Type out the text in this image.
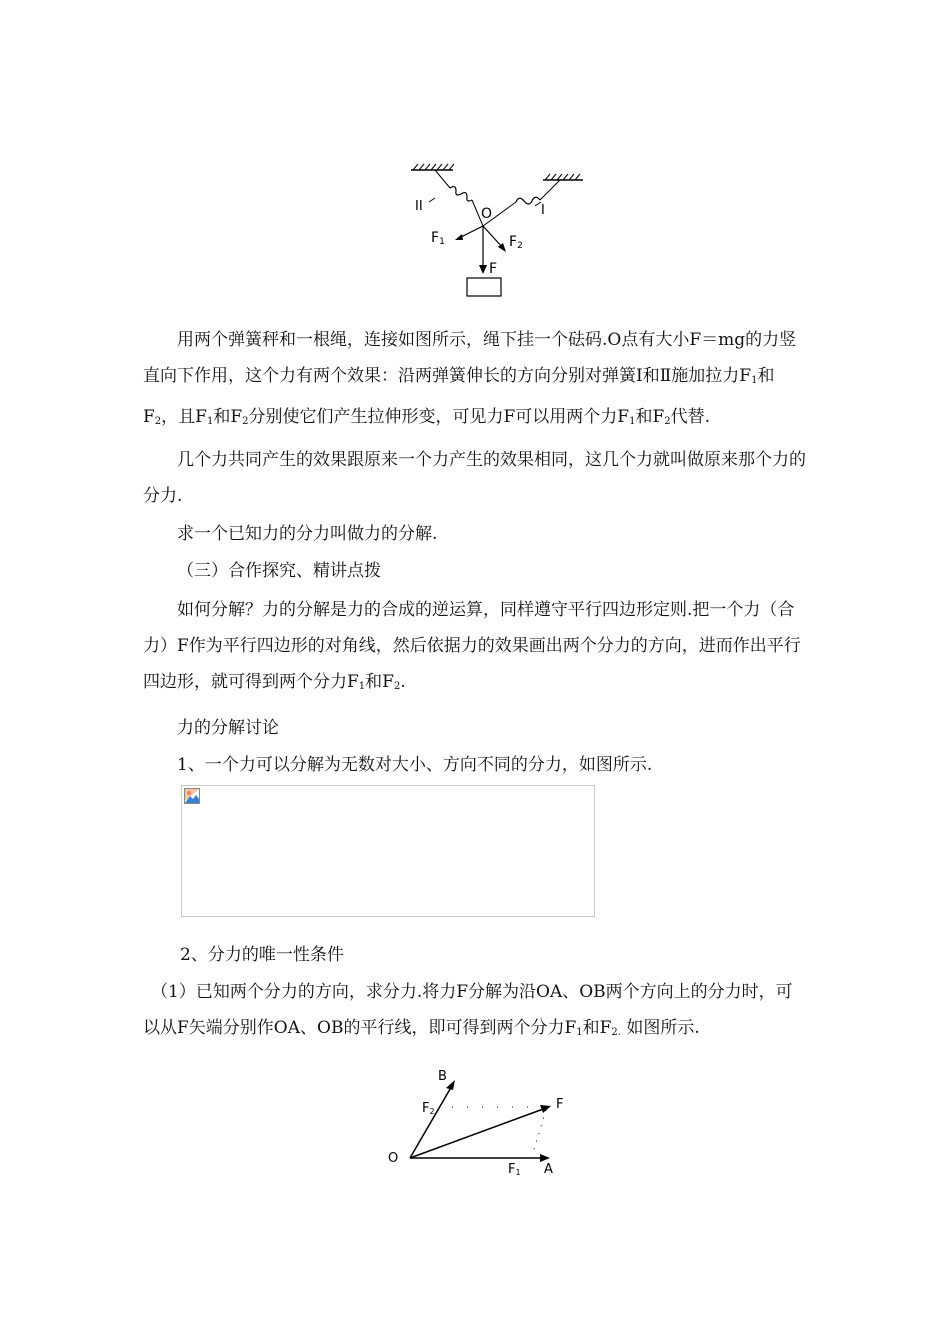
II	O	I
F1	F2
F

用两个弹簧秤和一根绳，连接如图所示，绳下挂一个砝码.O点有大小F＝mg的力竖直向下作用，这个力有两个效果：沿两弹簧伸长的方向分别对弹簧Ⅰ和Ⅱ施加拉力$F_1$和$F_2$，且$F_1$和$F_2$分别使它们产生拉伸形变，可见力F可以用两个力$F_1$和$F_2$代替.

几个力共同产生的效果跟原来一个力产生的效果相同，这几个力就叫做原来那个力的分力.

求一个已知力的分力叫做力的分解.

（三）合作探究、精讲点拨

如何分解？力的分解是力的合成的逆运算，同样遵守平行四边形定则.把一个力（合力）F作为平行四边形的对角线，然后依据力的效果画出两个分力的方向，进而作出平行四边形，就可得到两个分力$F_1$和$F_2$.

力的分解讨论

1、一个力可以分解为无数对大小、方向不同的分力，如图所示.

2、分力的唯一性条件

（1）已知两个分力的方向，求分力.将力F分解为沿OA、OB两个方向上的分力时，可以从F矢端分别作OA、OB的平行线，即可得到两个分力$F_1$和$F_{2.}$ 如图所示.

O
A
B
F
F1
F2
